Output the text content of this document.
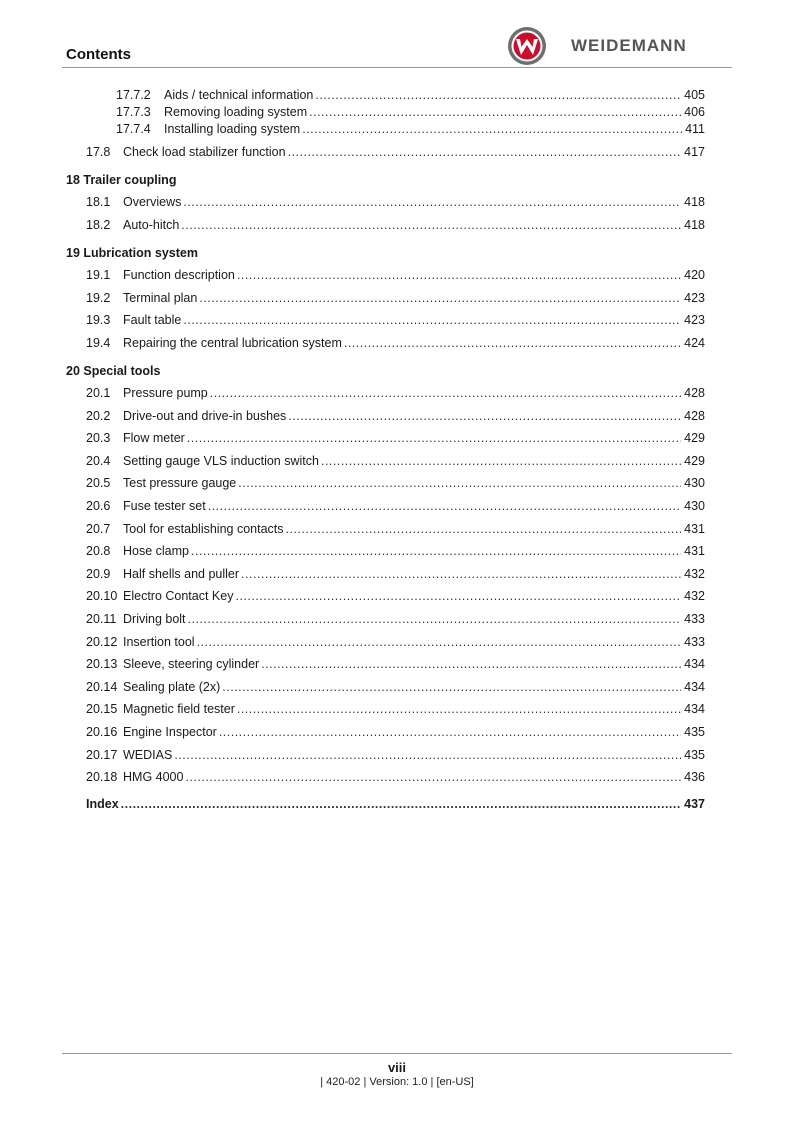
Contents	WEIDEMANN
17.7.2	Aids / technical information .....	405
17.7.3	Removing loading system .....	406
17.7.4	Installing loading system .....	411
17.8	Check load stabilizer function .....	417
18 Trailer coupling
18.1	Overviews .....	418
18.2	Auto-hitch .....	418
19 Lubrication system
19.1	Function description .....	420
19.2	Terminal plan .....	423
19.3	Fault table .....	423
19.4	Repairing the central lubrication system .....	424
20 Special tools
20.1	Pressure pump .....	428
20.2	Drive-out and drive-in bushes .....	428
20.3	Flow meter .....	429
20.4	Setting gauge VLS induction switch .....	429
20.5	Test pressure gauge .....	430
20.6	Fuse tester set .....	430
20.7	Tool for establishing contacts .....	431
20.8	Hose clamp .....	431
20.9	Half shells and puller .....	432
20.10 Electro Contact Key .....	432
20.11 Driving bolt .....	433
20.12 Insertion tool .....	433
20.13 Sleeve, steering cylinder .....	434
20.14 Sealing plate (2x) .....	434
20.15 Magnetic field tester .....	434
20.16 Engine Inspector .....	435
20.17 WEDIAS .....	435
20.18 HMG 4000 .....	436
Index .....	437
viii
| 420-02 | Version: 1.0 | [en-US]
